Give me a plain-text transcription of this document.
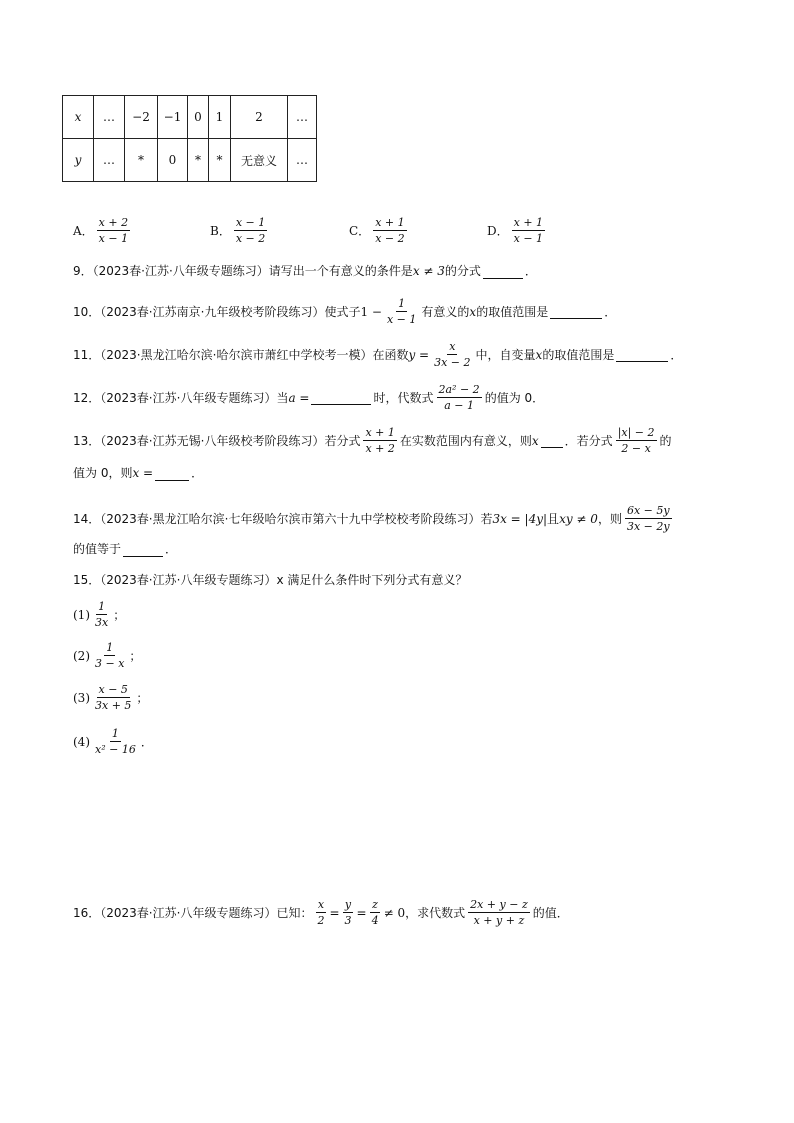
x	…	−2	−1	0	1	2	…
y	…	*	0	*	*	无意义	…
A． $\frac{x + 2}{x - 1}$	B． $\frac{x - 1}{x - 2}$	C． $\frac{x + 1}{x - 2}$	D． $\frac{x + 1}{x - 1}$
9．（2023春·江苏·八年级专题练习）请写出一个有意义的条件是 x ≠ 3 的分式	．
10．（2023春·江苏南京·九年级校考阶段练习）使式子 $1 - \frac{1}{x - 1}$ 有意义的 x 的取值范围是	．
11．（2023·黑龙江哈尔滨·哈尔滨市萧红中学校考一模）在函数 $y = \frac{x}{3x - 2}$ 中，自变量 x 的取值范围是	．
12．（2023春·江苏·八年级专题练习）当 a =	时，代数式 $\frac{\text{2a² − 2}}{a - 1}$ 的值为 0．
13．（2023春·江苏无锡·八年级校考阶段练习）若分式 $\frac{x + 1}{x + 2}$ 在实数范围内有意义，则 x ．若分式 $\frac{|x| - 2}{2 - x}$ 的
值为 0，则 x =	．
14．（2023春·黑龙江哈尔滨·七年级哈尔滨市第六十九中学校校考阶段练习）若 3x = |4y| 且 xy ≠ 0 ，则 $\frac{6x - 5y}{3x - 2y}$
的值等于	．
15．（2023春·江苏·八年级专题练习）x 满足什么条件时下列分式有意义？
$(1) \frac{1}{3x}$ ；
$(2) \frac{1}{3 - x}$ ；
$(3) \frac{x - 5}{3x + 5}$ ；
$(4) \frac{1}{\text{x² − 16}}$ ．
16．（2023春·江苏·八年级专题练习）已知： $\frac{x}{2} = \frac{y}{3} = \frac{z}{4} \ne 0$ ，求代数式 $\frac{2x + y - z}{x + y + z}$ 的值．
